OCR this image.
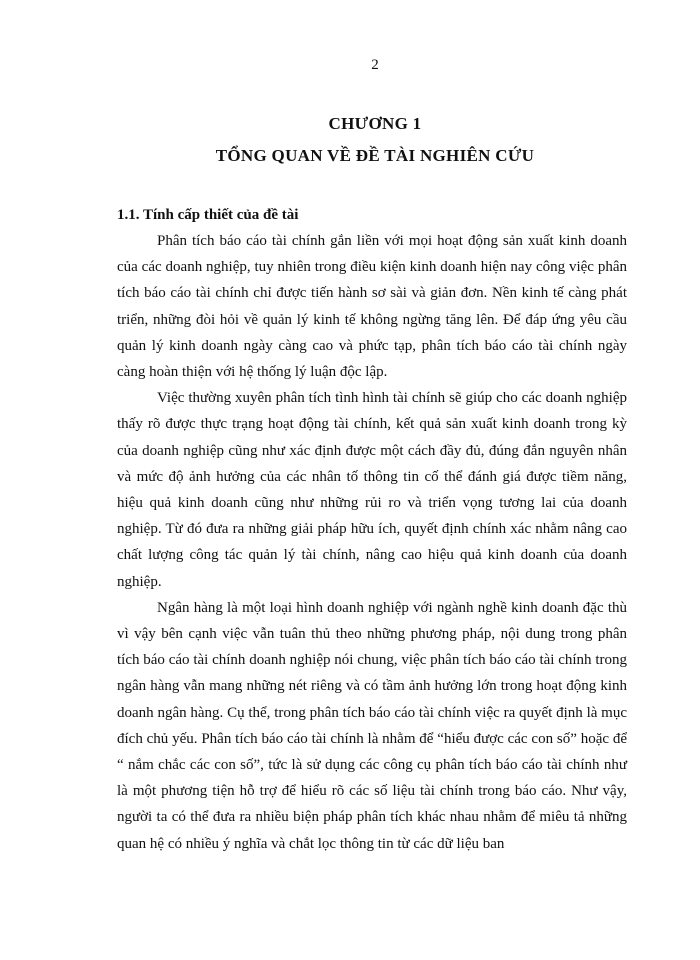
2
CHƯƠNG 1
TỔNG QUAN VỀ ĐỀ TÀI NGHIÊN CỨU
1.1. Tính cấp thiết của đề tài

Phân tích báo cáo tài chính gắn liền với mọi hoạt động sản xuất kinh doanh của các doanh nghiệp, tuy nhiên trong điều kiện kinh doanh hiện nay công việc phân tích báo cáo tài chính chỉ được tiến hành sơ sài và giản đơn. Nền kinh tế càng phát triển, những đòi hỏi về quản lý kinh tế không ngừng tăng lên. Để đáp ứng yêu cầu quản lý kinh doanh ngày càng cao và phức tạp, phân tích báo cáo tài chính ngày càng hoàn thiện với hệ thống lý luận độc lập.

Việc thường xuyên phân tích tình hình tài chính sẽ giúp cho các doanh nghiệp thấy rõ được thực trạng hoạt động tài chính, kết quả sản xuất kinh doanh trong kỳ của doanh nghiệp cũng như xác định được một cách đầy đủ, đúng đắn nguyên nhân và mức độ ảnh hưởng của các nhân tố thông tin cố thể đánh giá được tiềm năng, hiệu quả kinh doanh cũng như những rủi ro và triển vọng tương lai của doanh nghiệp. Từ đó đưa ra những giải pháp hữu ích, quyết định chính xác nhằm nâng cao chất lượng công tác quản lý tài chính, nâng cao hiệu quả kinh doanh của doanh nghiệp.

Ngân hàng là một loại hình doanh nghiệp với ngành nghề kinh doanh đặc thù vì vậy bên cạnh việc vẫn tuân thủ theo những phương pháp, nội dung trong phân tích báo cáo tài chính doanh nghiệp nói chung, việc phân tích báo cáo tài chính trong ngân hàng vẫn mang những nét riêng và có tầm ảnh hưởng lớn trong hoạt động kinh doanh ngân hàng. Cụ thể, trong phân tích báo cáo tài chính việc ra quyết định là mục đích chủ yếu. Phân tích báo cáo tài chính là nhằm để “hiểu được các con số” hoặc để “ nắm chắc các con số”, tức là sử dụng các công cụ phân tích báo cáo tài chính như là một phương tiện hỗ trợ để hiểu rõ các số liệu tài chính trong báo cáo. Như vậy, người ta có thể đưa ra nhiều biện pháp phân tích khác nhau nhằm để miêu tả những quan hệ có nhiều ý nghĩa và chắt lọc thông tin từ các dữ liệu ban
